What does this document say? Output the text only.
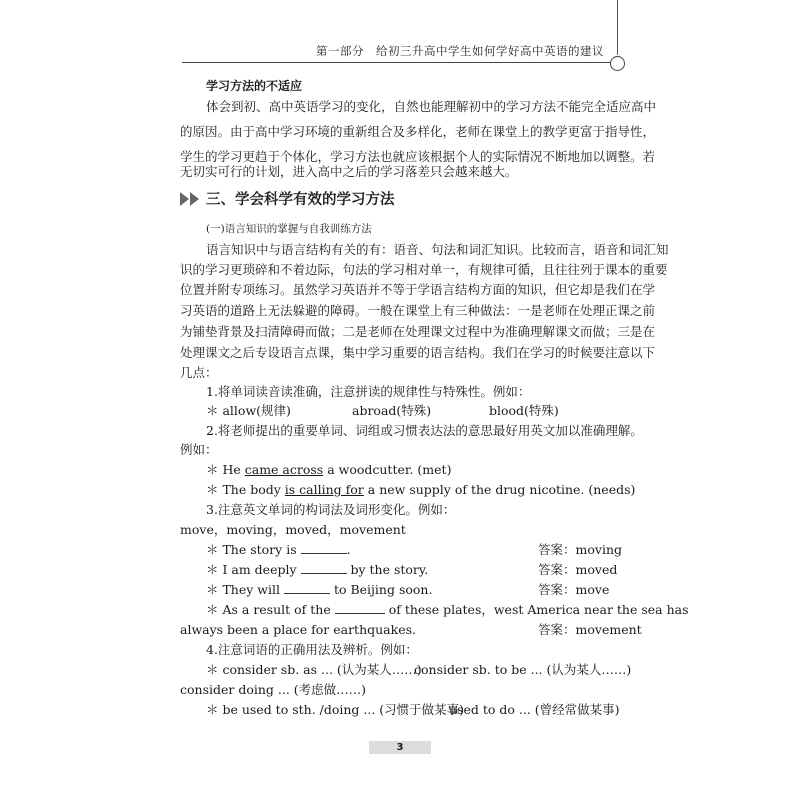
第一部分　给初三升高中学生如何学好高中英语的建议
学习方法的不适应
体会到初、高中英语学习的变化，自然也能理解初中的学习方法不能完全适应高中
的原因。由于高中学习环境的重新组合及多样化，老师在课堂上的教学更富于指导性，
学生的学习更趋于个体化，学习方法也就应该根据个人的实际情况不断地加以调整。若
无切实可行的计划，进入高中之后的学习落差只会越来越大。
三、学会科学有效的学习方法
(一)语言知识的掌握与自我训练方法
语言知识中与语言结构有关的有：语音、句法和词汇知识。比较而言，语音和词汇知
识的学习更琐碎和不着边际，句法的学习相对单一，有规律可循，且往往列于课本的重要
位置并附专项练习。虽然学习英语并不等于学语言结构方面的知识，但它却是我们在学
习英语的道路上无法躲避的障碍。一般在课堂上有三种做法：一是老师在处理正课之前
为铺垫背景及扫清障碍而做；二是老师在处理课文过程中为准确理解课文而做；三是在
处理课文之后专设语言点课，集中学习重要的语言结构。我们在学习的时候要注意以下
几点：
1.将单词读音读准确，注意拼读的规律性与特殊性。例如：
＊ allow(规律)	abroad(特殊)	blood(特殊)
2.将老师提出的重要单词、词组或习惯表达法的意思最好用英文加以准确理解。
例如：
＊ He came across a woodcutter. (met)
＊ The body is calling for a new supply of the drug nicotine. (needs)
3.注意英文单词的构词法及词形变化。例如：
move，moving，moved，movement
＊ The story is	.	答案：moving
＊ I am deeply	by the story.	答案：moved
＊ They will	to Beijing soon.	答案：move
＊ As a result of the	of these plates，west America near the sea has
always been a place for earthquakes.	答案：movement
4.注意词语的正确用法及辨析。例如：
＊ consider sb. as ... (认为某人……)
consider sb. to be ... (认为某人……)
consider doing ... (考虑做……)
＊ be used to sth. /doing ... (习惯于做某事)
used to do ... (曾经常做某事)
3
